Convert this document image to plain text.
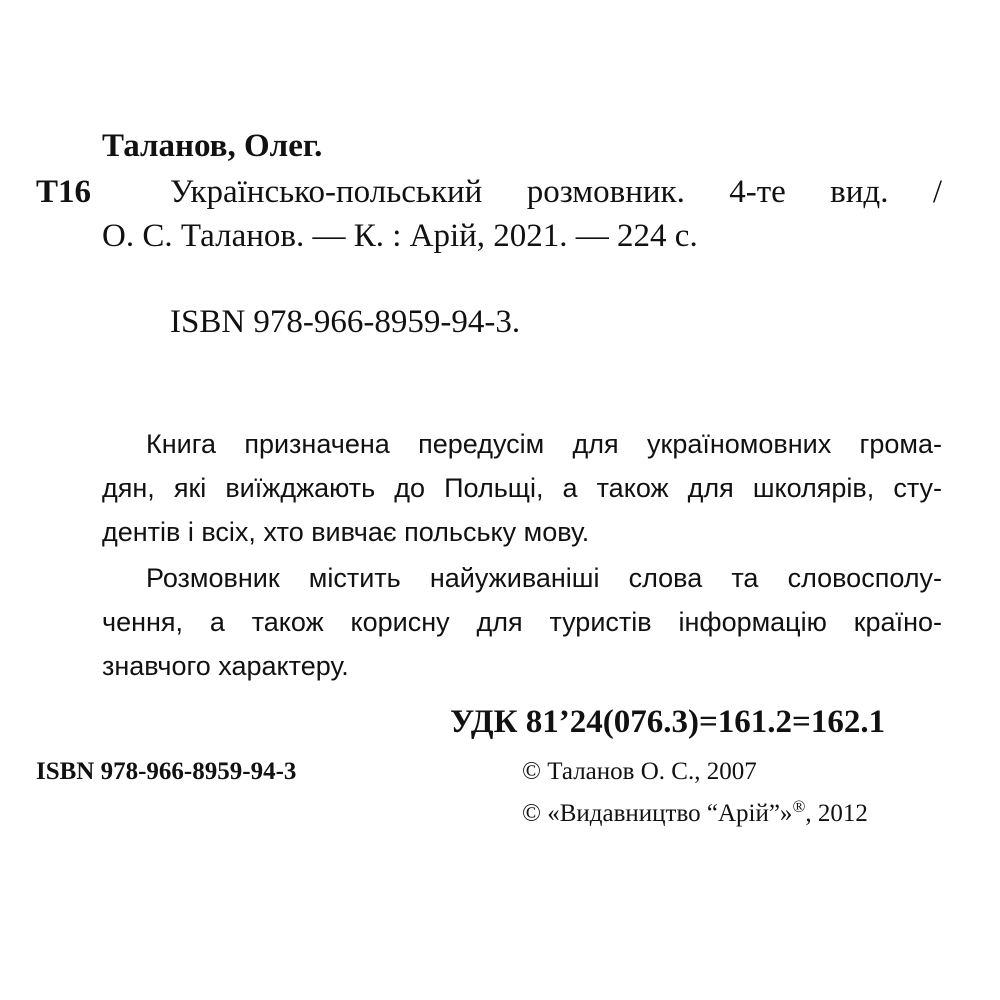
Таланов, Олег.
Т16 Українсько-польський розмовник. 4-те вид. /
О. С. Таланов. — К. : Арій, 2021. — 224 с.
ISBN 978-966-8959-94-3.
Книга призначена передусім для україномовних грома-
дян, які виїжджають до Польщі, а також для школярів, сту-
дентів і всіх, хто вивчає польську мову.
Розмовник містить найуживаніші слова та словосполу-
чення, а також корисну для туристів інформацію країно-
знавчого характеру.
УДК 81’24(076.3)=161.2=162.1
ISBN 978-966-8959-94-3	© Таланов О. С., 2007
© «Видавництво “Арій”»®, 2012
